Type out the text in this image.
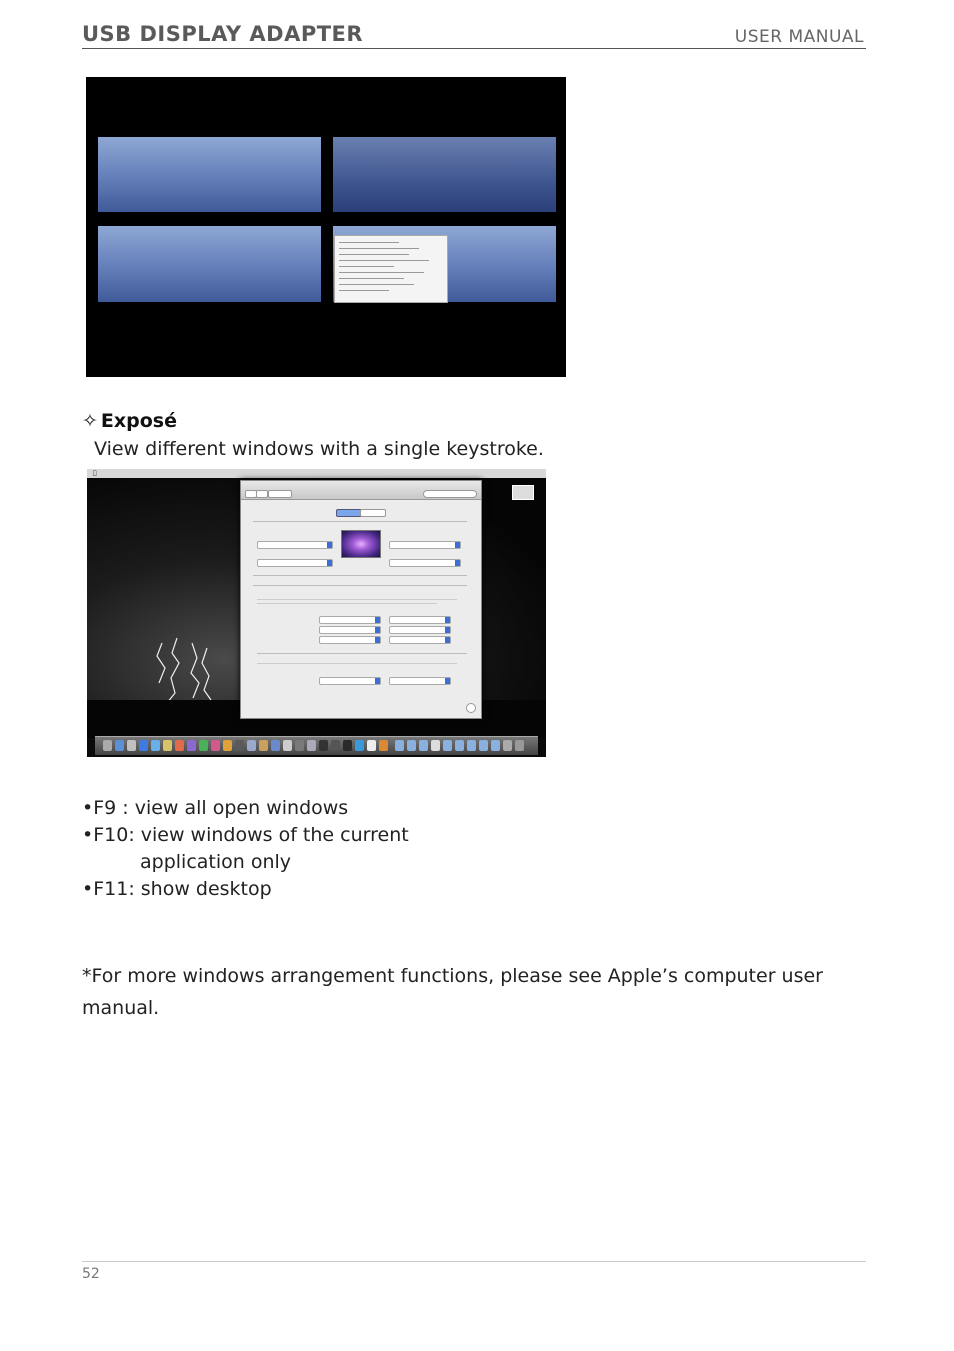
USB DISPLAY ADAPTER	USER MANUAL
✧ Exposé
View different windows with a single keystroke.
•F9 : view all open windows
•F10: view windows of the current
application only
•F11: show desktop
*For more windows arrangement functions, please see Apple’s computer user manual.
52
